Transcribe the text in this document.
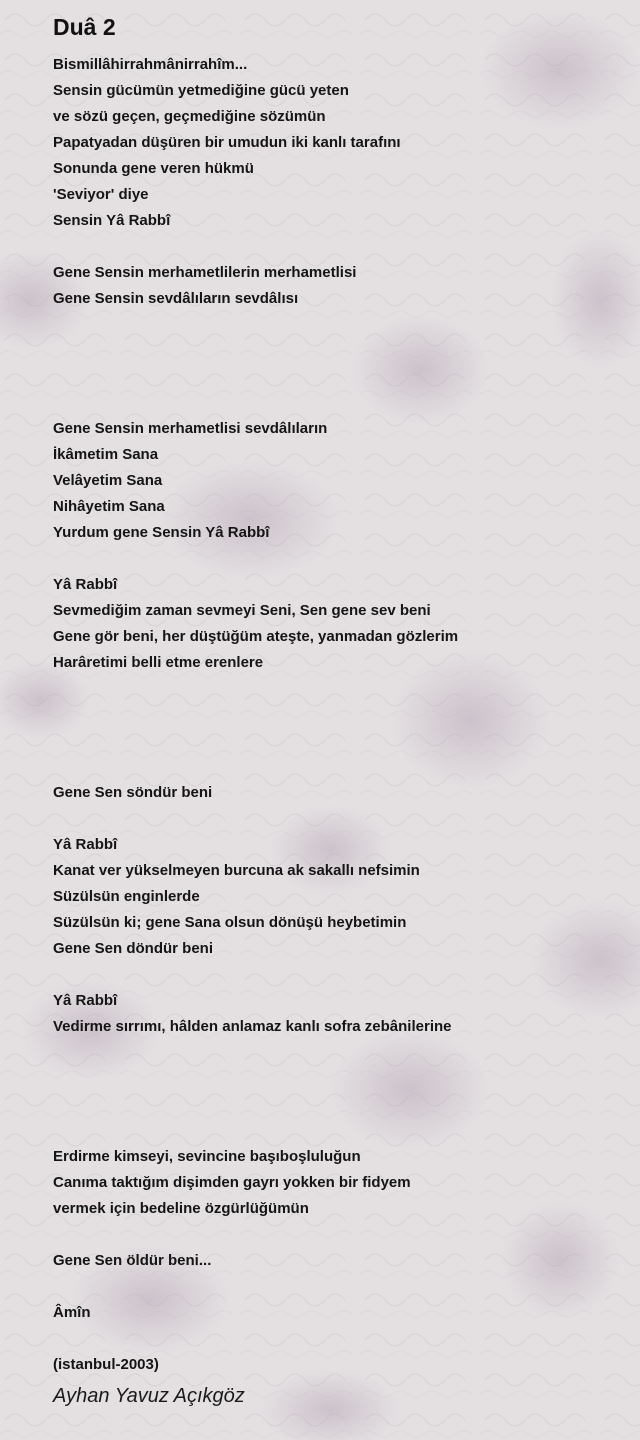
Duâ 2
Bismillâhirrahmânirrahîm...
Sensin gücümün yetmediğine gücü yeten
ve sözü geçen, geçmediğine sözümün
Papatyadan düşüren bir umudun iki kanlı tarafını
Sonunda gene veren hükmü
'Seviyor' diye
Sensin Yâ Rabbî
Gene Sensin merhametlilerin merhametlisi
Gene Sensin sevdâlıların sevdâlısı
Gene Sensin merhametlisi sevdâlıların
İkâmetim Sana
Velâyetim Sana
Nihâyetim Sana
Yurdum gene Sensin Yâ Rabbî
Yâ Rabbî
Sevmediğim zaman sevmeyi Seni, Sen gene sev beni
Gene gör beni, her düştüğüm ateşte, yanmadan gözlerim
Harâretimi belli etme erenlere
Gene Sen söndür beni
Yâ Rabbî
Kanat ver yükselmeyen burcuna ak sakallı nefsimin
Süzülsün enginlerde
Süzülsün ki; gene Sana olsun dönüşü heybetimin
Gene Sen döndür beni
Yâ Rabbî
Vedirme sırrımı, hâlden anlamaz kanlı sofra zebânilerine
Erdirme kimseyi, sevincine başıboşluluğun
Canıma taktığım dişimden gayrı yokken bir fidyem
vermek için bedeline özgürlüğümün
Gene Sen öldür beni...
Âmîn
(istanbul-2003)
Ayhan Yavuz Açıkgöz
